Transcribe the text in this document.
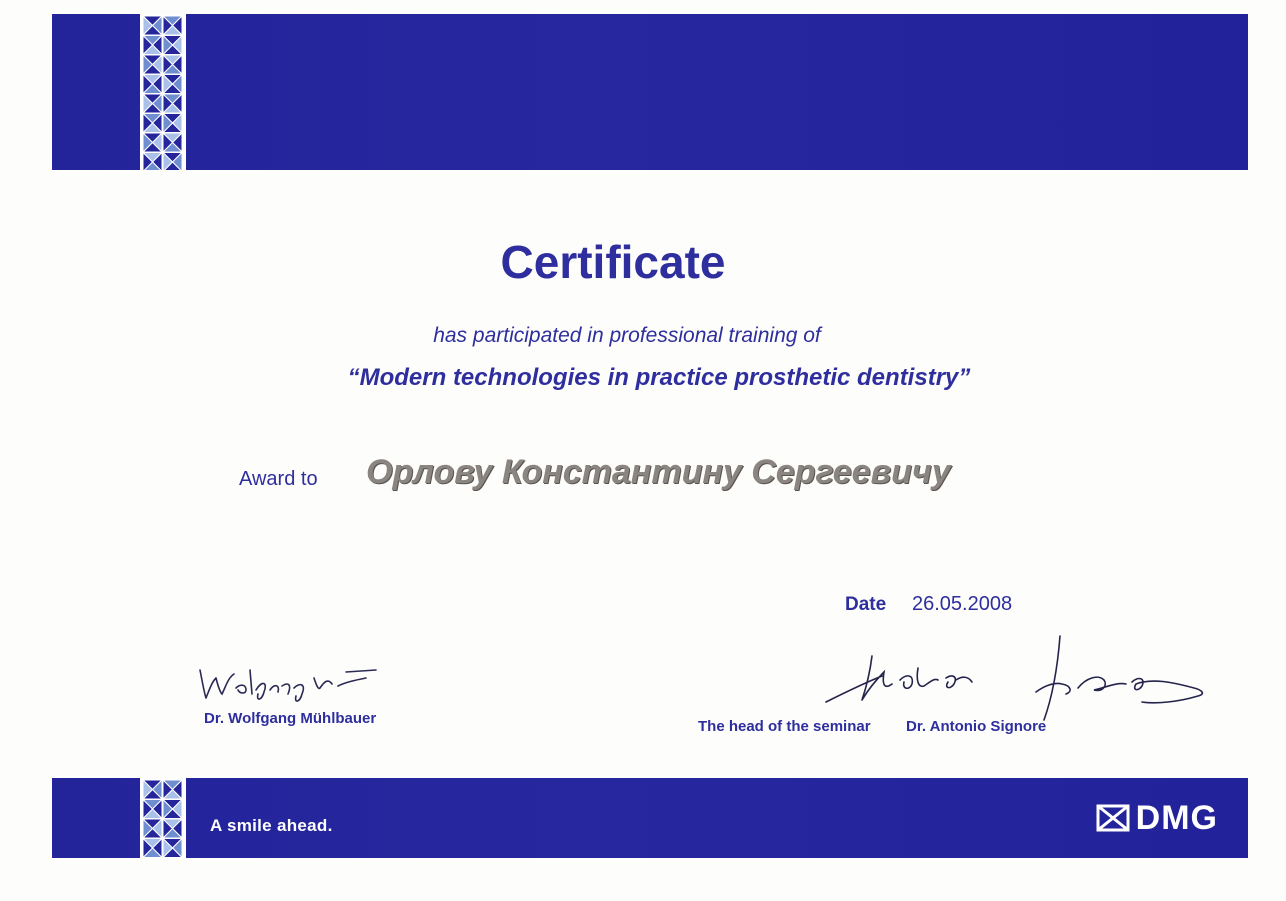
Certificate
has participated in professional training of
“Modern technologies in practice prosthetic dentistry”
Award to Орлову Константину Сергеевичу
Date 26.05.2008
Dr. Wolfgang Mühlbauer	The head of the seminar Dr. Antonio Signore
A smile ahead.	DMG
